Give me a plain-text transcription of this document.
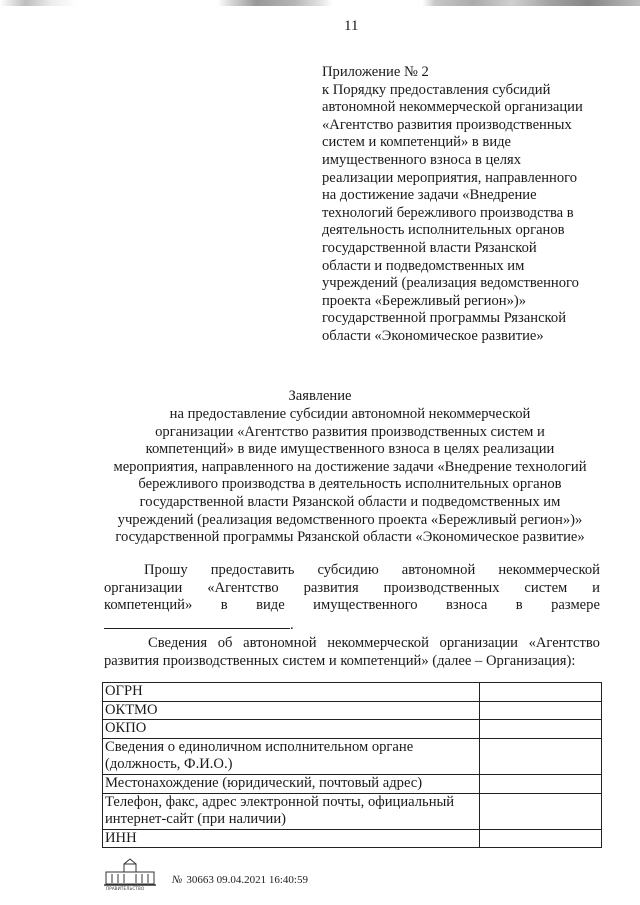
11
Приложение № 2
к Порядку предоставления субсидий
автономной некоммерческой организации
«Агентство развития производственных
систем и компетенций» в виде
имущественного взноса в целях
реализации мероприятия, направленного
на достижение задачи «Внедрение
технологий бережливого производства в
деятельность исполнительных органов
государственной власти Рязанской
области и подведомственных им
учреждений (реализация ведомственного
проекта «Бережливый регион»)»
государственной программы Рязанской
области «Экономическое развитие»
Заявление
на предоставление субсидии автономной некоммерческой
организации «Агентство развития производственных систем и
компетенций» в виде имущественного взноса в целях реализации
мероприятия, направленного на достижение задачи «Внедрение технологий
бережливого производства в деятельность исполнительных органов
государственной власти Рязанской области и подведомственных им
учреждений (реализация ведомственного проекта «Бережливый регион»)»
государственной программы Рязанской области «Экономическое развитие»
Прошу предоставить субсидию автономной некоммерческой
организации «Агентство развития производственных систем и
компетенций» в виде имущественного взноса в размере
.
Сведения об автономной некоммерческой организации «Агентство
развития производственных систем и компетенций» (далее – Организация):
ОГРН	
ОКТМО	
ОКПО	
Сведения о единоличном исполнительном органе (должность, Ф.И.О.)	
Местонахождение (юридический, почтовый адрес)	
Телефон, факс, адрес электронной почты, официальный интернет-сайт (при наличии)	
ИНН	
ПРАВИТЕЛЬСТВО
№ 30663 09.04.2021 16:40:59
